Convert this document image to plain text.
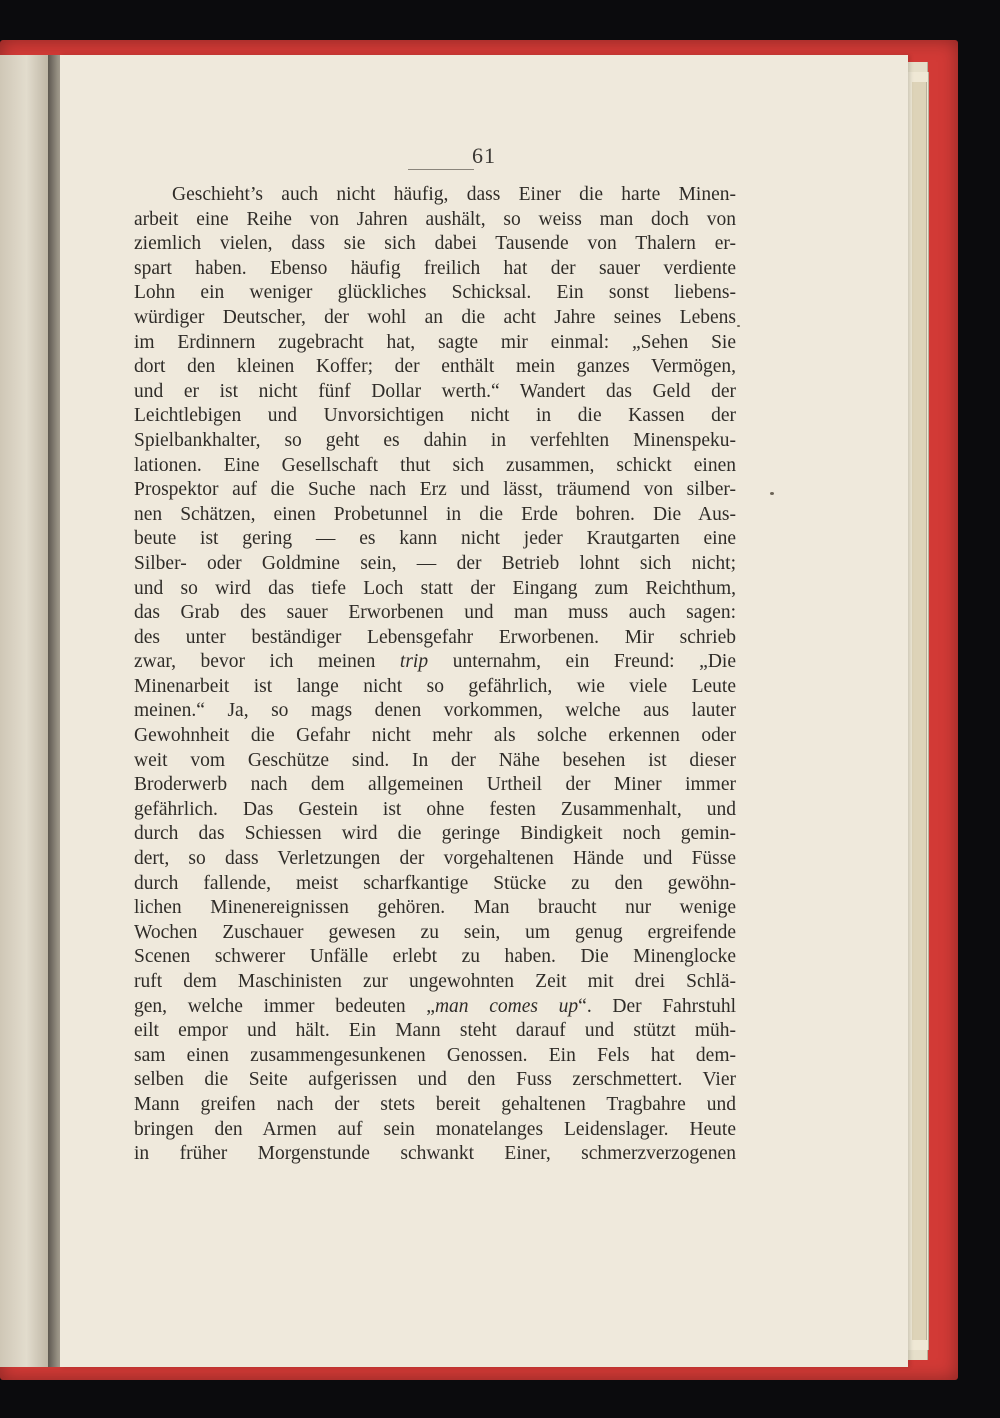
61
Geschieht’s auch nicht häufig, dass Einer die harte Minen-
arbeit eine Reihe von Jahren aushält, so weiss man doch von
ziemlich vielen, dass sie sich dabei Tausende von Thalern er-
spart haben. Ebenso häufig freilich hat der sauer verdiente
Lohn ein weniger glückliches Schicksal. Ein sonst liebens-
würdiger Deutscher, der wohl an die acht Jahre seines Lebens
im Erdinnern zugebracht hat, sagte mir einmal: „Sehen Sie
dort den kleinen Koffer; der enthält mein ganzes Vermögen,
und er ist nicht fünf Dollar werth.“ Wandert das Geld der
Leichtlebigen und Unvorsichtigen nicht in die Kassen der
Spielbankhalter, so geht es dahin in verfehlten Minenspeku-
lationen. Eine Gesellschaft thut sich zusammen, schickt einen
Prospektor auf die Suche nach Erz und lässt, träumend von silber-
nen Schätzen, einen Probetunnel in die Erde bohren. Die Aus-
beute ist gering — es kann nicht jeder Krautgarten eine
Silber- oder Goldmine sein, — der Betrieb lohnt sich nicht;
und so wird das tiefe Loch statt der Eingang zum Reichthum,
das Grab des sauer Erworbenen und man muss auch sagen:
des unter beständiger Lebensgefahr Erworbenen. Mir schrieb
zwar, bevor ich meinen trip unternahm, ein Freund: „Die
Minenarbeit ist lange nicht so gefährlich, wie viele Leute
meinen.“ Ja, so mags denen vorkommen, welche aus lauter
Gewohnheit die Gefahr nicht mehr als solche erkennen oder
weit vom Geschütze sind. In der Nähe besehen ist dieser
Broderwerb nach dem allgemeinen Urtheil der Miner immer
gefährlich. Das Gestein ist ohne festen Zusammenhalt, und
durch das Schiessen wird die geringe Bindigkeit noch gemin-
dert, so dass Verletzungen der vorgehaltenen Hände und Füsse
durch fallende, meist scharfkantige Stücke zu den gewöhn-
lichen Minenereignissen gehören. Man braucht nur wenige
Wochen Zuschauer gewesen zu sein, um genug ergreifende
Scenen schwerer Unfälle erlebt zu haben. Die Minenglocke
ruft dem Maschinisten zur ungewohnten Zeit mit drei Schlä-
gen, welche immer bedeuten „man comes up“. Der Fahrstuhl
eilt empor und hält. Ein Mann steht darauf und stützt müh-
sam einen zusammengesunkenen Genossen. Ein Fels hat dem-
selben die Seite aufgerissen und den Fuss zerschmettert. Vier
Mann greifen nach der stets bereit gehaltenen Tragbahre und
bringen den Armen auf sein monatelanges Leidenslager. Heute
in früher Morgenstunde schwankt Einer, schmerzverzogenen
